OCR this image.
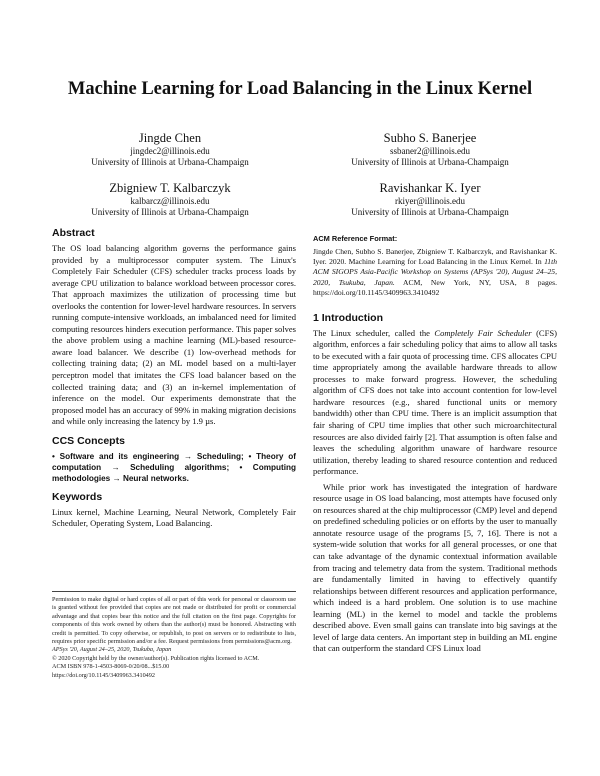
Machine Learning for Load Balancing in the Linux Kernel
Jingde Chen
jingdec2@illinois.edu
University of Illinois at Urbana-Champaign
Subho S. Banerjee
ssbaner2@illinois.edu
University of Illinois at Urbana-Champaign
Zbigniew T. Kalbarczyk
kalbarcz@illinois.edu
University of Illinois at Urbana-Champaign
Ravishankar K. Iyer
rkiyer@illinois.edu
University of Illinois at Urbana-Champaign
Abstract

The OS load balancing algorithm governs the performance gains provided by a multiprocessor computer system. The Linux's Completely Fair Scheduler (CFS) scheduler tracks process loads by average CPU utilization to balance workload between processor cores. That approach maximizes the utilization of processing time but overlooks the contention for lower-level hardware resources. In servers running compute-intensive workloads, an imbalanced need for limited computing resources hinders execution performance. This paper solves the above problem using a machine learning (ML)-based resource-aware load balancer. We describe (1) low-overhead methods for collecting training data; (2) an ML model based on a multi-layer perceptron model that imitates the CFS load balancer based on the collected training data; and (3) an in-kernel implementation of inference on the model. Our experiments demonstrate that the proposed model has an accuracy of 99% in making migration decisions and while only increasing the latency by 1.9 µs.

CCS Concepts

• Software and its engineering → Scheduling; • Theory of computation → Scheduling algorithms; • Computing methodologies → Neural networks.

Keywords

Linux kernel, Machine Learning, Neural Network, Completely Fair Scheduler, Operating System, Load Balancing.

Permission to make digital or hard copies of all or part of this work for personal or classroom use is granted without fee provided that copies are not made or distributed for profit or commercial advantage and that copies bear this notice and the full citation on the first page. Copyrights for components of this work owned by others than the author(s) must be honored. Abstracting with credit is permitted. To copy otherwise, or republish, to post on servers or to redistribute to lists, requires prior specific permission and/or a fee. Request permissions from permissions@acm.org.

APSys '20, August 24–25, 2020, Tsukuba, Japan

© 2020 Copyright held by the owner/author(s). Publication rights licensed to ACM.

ACM ISBN 978-1-4503-8069-0/20/08...$15.00

https://doi.org/10.1145/3409963.3410492

ACM Reference Format:

Jingde Chen, Subho S. Banerjee, Zbigniew T. Kalbarczyk, and Ravishankar K. Iyer. 2020. Machine Learning for Load Balancing in the Linux Kernel. In 11th ACM SIGOPS Asia-Pacific Workshop on Systems (APSys '20), August 24–25, 2020, Tsukuba, Japan. ACM, New York, NY, USA, 8 pages. https://doi.org/10.1145/3409963.3410492

1 Introduction

The Linux scheduler, called the Completely Fair Scheduler (CFS) algorithm, enforces a fair scheduling policy that aims to allow all tasks to be executed with a fair quota of processing time. CFS allocates CPU time appropriately among the available hardware threads to allow processes to make forward progress. However, the scheduling algorithm of CFS does not take into account contention for low-level hardware resources (e.g., shared functional units or memory bandwidth) other than CPU time. There is an implicit assumption that fair sharing of CPU time implies that other such microarchitectural resources are also divided fairly [2]. That assumption is often false and leaves the scheduling algorithm unaware of hardware resource utilization, thereby leading to shared resource contention and reduced performance.

While prior work has investigated the integration of hardware resource usage in OS load balancing, most attempts have focused only on resources shared at the chip multiprocessor (CMP) level and depend on predefined scheduling policies or on efforts by the user to manually annotate resource usage of the programs [5, 7, 16]. There is not a system-wide solution that works for all general processes, or one that can take advantage of the dynamic contextual information available from tracing and telemetry data from the system. Traditional methods are fundamentally limited in having to effectively quantify relationships between different resources and application performance, which indeed is a hard problem. One solution is to use machine learning (ML) in the kernel to model and tackle the problems described above. Even small gains can translate into big savings at the level of large data centers. An important step in building an ML engine that can outperform the standard CFS Linux load
